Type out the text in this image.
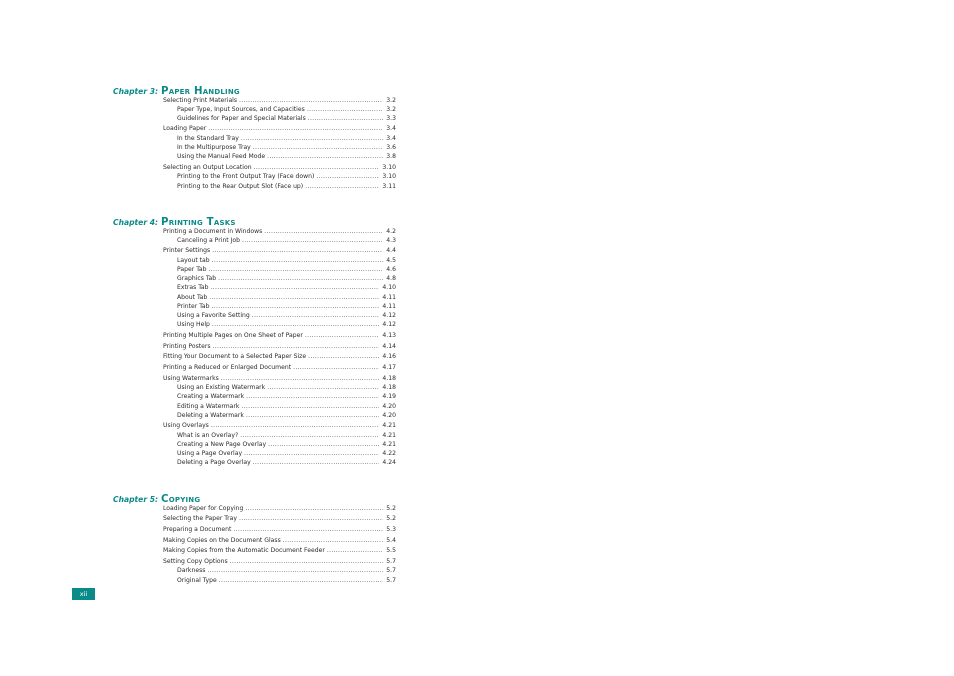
Chapter 3: Paper Handling
Selecting Print Materials .....	3.2
Paper Type, Input Sources, and Capacities .....	3.2
Guidelines for Paper and Special Materials .....	3.3
Loading Paper .....	3.4
In the Standard Tray .....	3.4
In the Multipurpose Tray .....	3.6
Using the Manual Feed Mode .....	3.8
Selecting an Output Location .....	3.10
Printing to the Front Output Tray (Face down) .....	3.10
Printing to the Rear Output Slot (Face up) .....	3.11
Chapter 4: Printing Tasks
Printing a Document in Windows .....	4.2
Canceling a Print Job .....	4.3
Printer Settings .....	4.4
Layout tab .....	4.5
Paper Tab .....	4.6
Graphics Tab .....	4.8
Extras Tab .....	4.10
About Tab .....	4.11
Printer Tab .....	4.11
Using a Favorite Setting .....	4.12
Using Help .....	4.12
Printing Multiple Pages on One Sheet of Paper .....	4.13
Printing Posters .....	4.14
Fitting Your Document to a Selected Paper Size .....	4.16
Printing a Reduced or Enlarged Document .....	4.17
Using Watermarks .....	4.18
Using an Existing Watermark .....	4.18
Creating a Watermark .....	4.19
Editing a Watermark .....	4.20
Deleting a Watermark .....	4.20
Using Overlays .....	4.21
What is an Overlay? .....	4.21
Creating a New Page Overlay .....	4.21
Using a Page Overlay .....	4.22
Deleting a Page Overlay .....	4.24
Chapter 5: Copying
Loading Paper for Copying .....	5.2
Selecting the Paper Tray .....	5.2
Preparing a Document .....	5.3
Making Copies on the Document Glass .....	5.4
Making Copies from the Automatic Document Feeder .....	5.5
Setting Copy Options .....	5.7
Darkness .....	5.7
Original Type .....	5.7
xii
